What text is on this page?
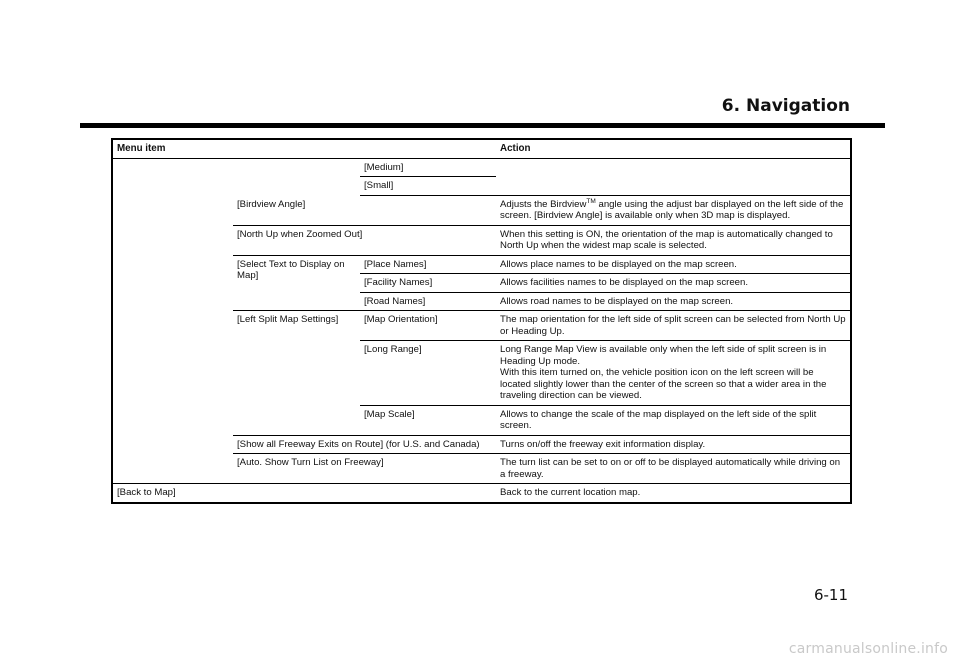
6. Navigation
Menu item			Action
		[Medium]	
		[Small]	
	[Birdview Angle]		Adjusts the Birdview™ angle using the adjust bar displayed on the left side of the screen. [Birdview Angle] is available only when 3D map is displayed.
	[North Up when Zoomed Out]		When this setting is ON, the orientation of the map is automatically changed to North Up when the widest map scale is selected.
	[Select Text to Display on Map]	[Place Names]	Allows place names to be displayed on the map screen.
		[Facility Names]	Allows facilities names to be displayed on the map screen.
		[Road Names]	Allows road names to be displayed on the map screen.
	[Left Split Map Settings]	[Map Orientation]	The map orientation for the left side of split screen can be selected from North Up or Heading Up.
		[Long Range]	Long Range Map View is available only when the left side of split screen is in Heading Up mode.
With this item turned on, the vehicle position icon on the left screen will be located slightly lower than the center of the screen so that a wider area in the traveling direction can be viewed.

		[Map Scale]	Allows to change the scale of the map displayed on the left side of the split screen.
	[Show all Freeway Exits on Route] (for U.S. and Canada)		Turns on/off the freeway exit information display.
	[Auto. Show Turn List on Freeway]		The turn list can be set to on or off to be displayed automatically while driving on a freeway.
[Back to Map]			Back to the current location map.
6-11
carmanualsonline.info
